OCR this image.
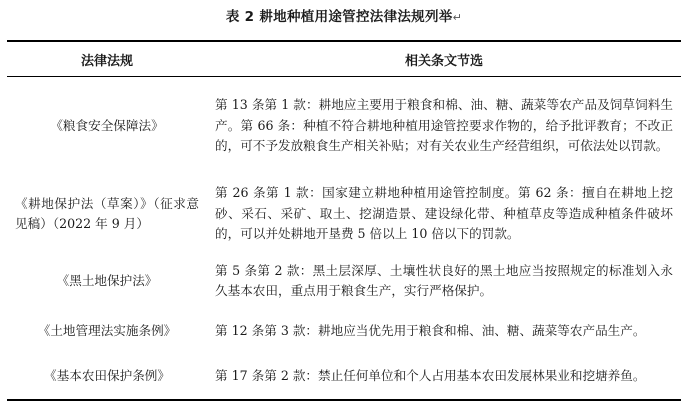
表 2 耕地种植用途管控法律法规列举↵
法律法规	相关条文节选
《粮食安全保障法》	第 13 条第 1 款：耕地应主要用于粮食和棉、油、糖、蔬菜等农产品及饲草饲料生产。第 66 条：种植不符合耕地种植用途管控要求作物的，给予批评教育；不改正的，可不予发放粮食生产相关补贴；对有关农业生产经营组织，可依法处以罚款。
《耕地保护法（草案）》（征求意见稿）（2022 年 9 月）	第 26 条第 1 款：国家建立耕地种植用途管控制度。第 62 条：擅自在耕地上挖砂、采石、采矿、取土、挖湖造景、建设绿化带、种植草皮等造成种植条件破坏的，可以并处耕地开垦费 5 倍以上 10 倍以下的罚款。
《黑土地保护法》	第 5 条第 2 款：黑土层深厚、土壤性状良好的黑土地应当按照规定的标准划入永久基本农田，重点用于粮食生产，实行严格保护。
《土地管理法实施条例》	第 12 条第 3 款：耕地应当优先用于粮食和棉、油、糖、蔬菜等农产品生产。
《基本农田保护条例》	第 17 条第 2 款：禁止任何单位和个人占用基本农田发展林果业和挖塘养鱼。
